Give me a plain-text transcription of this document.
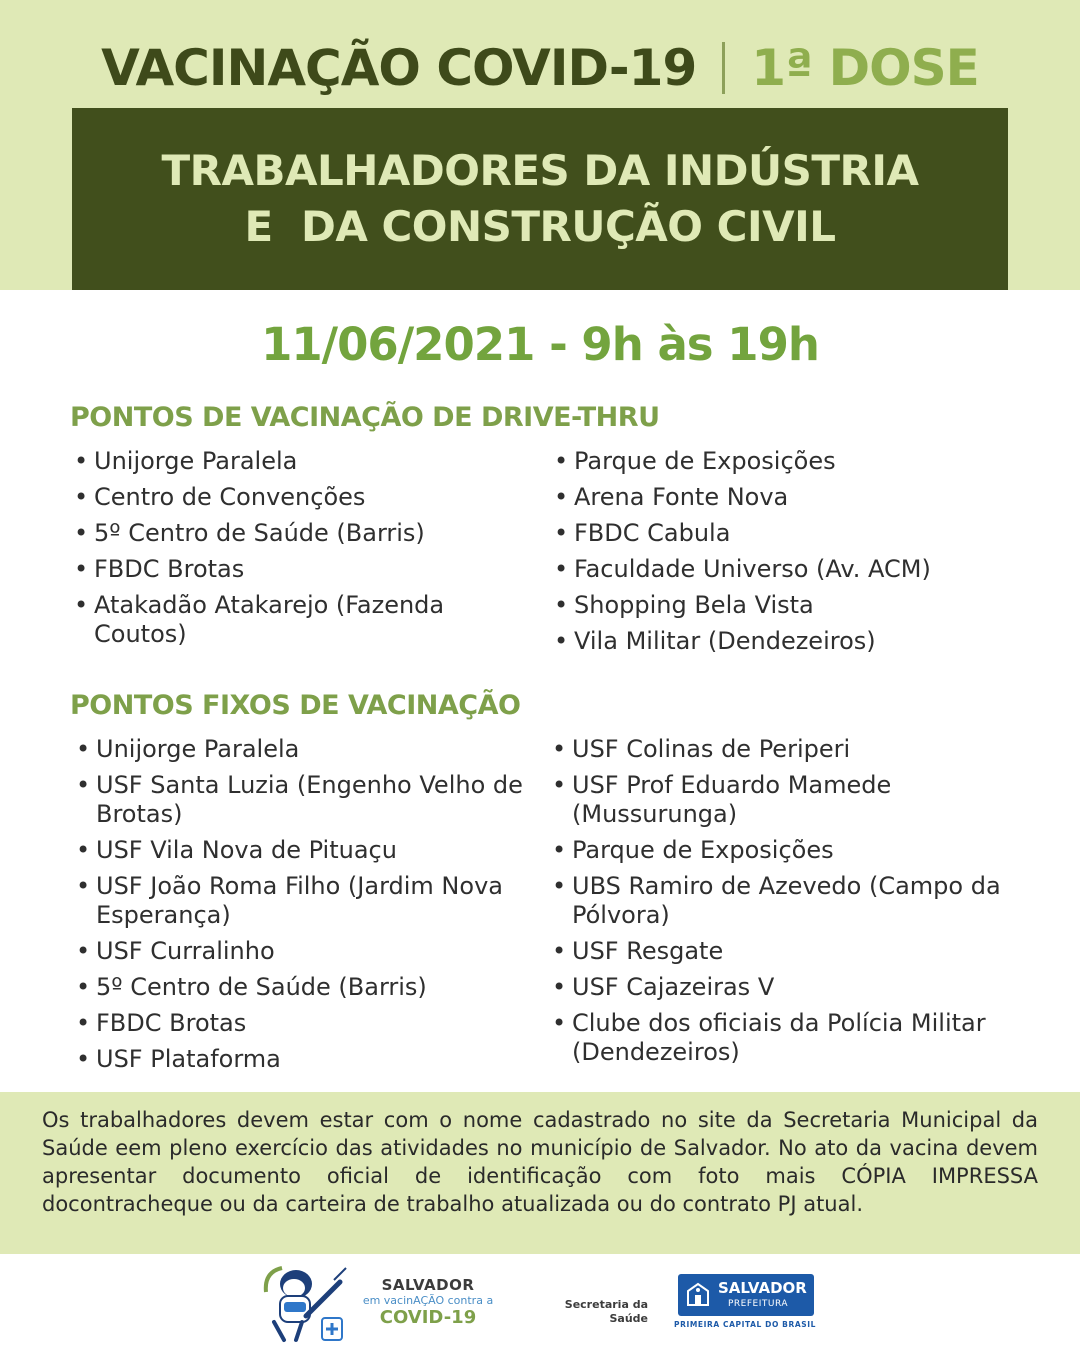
VACINAÇÃO COVID-19 1ª DOSE
TRABALHADORES DA INDÚSTRIA
E  DA CONSTRUÇÃO CIVIL
11/06/2021 - 9h às 19h
PONTOS DE VACINAÇÃO DE DRIVE-THRU
• Unijorge Paralela
• Centro de Convenções
• 5º Centro de Saúde (Barris)
• FBDC Brotas
• Atakadão Atakarejo (Fazenda Coutos)
• Parque de Exposições
• Arena Fonte Nova
• FBDC Cabula
• Faculdade Universo (Av. ACM)
• Shopping Bela Vista
• Vila Militar (Dendezeiros)
PONTOS FIXOS DE VACINAÇÃO
• Unijorge Paralela
• USF Santa Luzia (Engenho Velho de Brotas)
• USF Vila Nova de Pituaçu
• USF João Roma Filho (Jardim Nova Esperança)
• USF Curralinho
• 5º Centro de Saúde (Barris)
• FBDC Brotas
• USF Plataforma
• USF Colinas de Periperi
• USF Prof Eduardo Mamede (Mussurunga)
• Parque de Exposições
• UBS Ramiro de Azevedo (Campo da Pólvora)
• USF Resgate
• USF Cajazeiras V
• Clube dos oficiais da Polícia Militar (Dendezeiros)

Os trabalhadores devem estar com o nome cadastrado no site da Secretaria Municipal da Saúde eem pleno exercício das atividades no município de Salvador. No ato da vacina devem apresentar documento oficial de identificação com foto mais CÓPIA IMPRESSA docontracheque ou da carteira de trabalho atualizada ou do contrato PJ atual.

SALVADOR
em vacinAÇÃO contra a
COVID-19
Secretaria da
Saúde
SALVADOR
PREFEITURA
PRIMEIRA CAPITAL DO BRASIL
